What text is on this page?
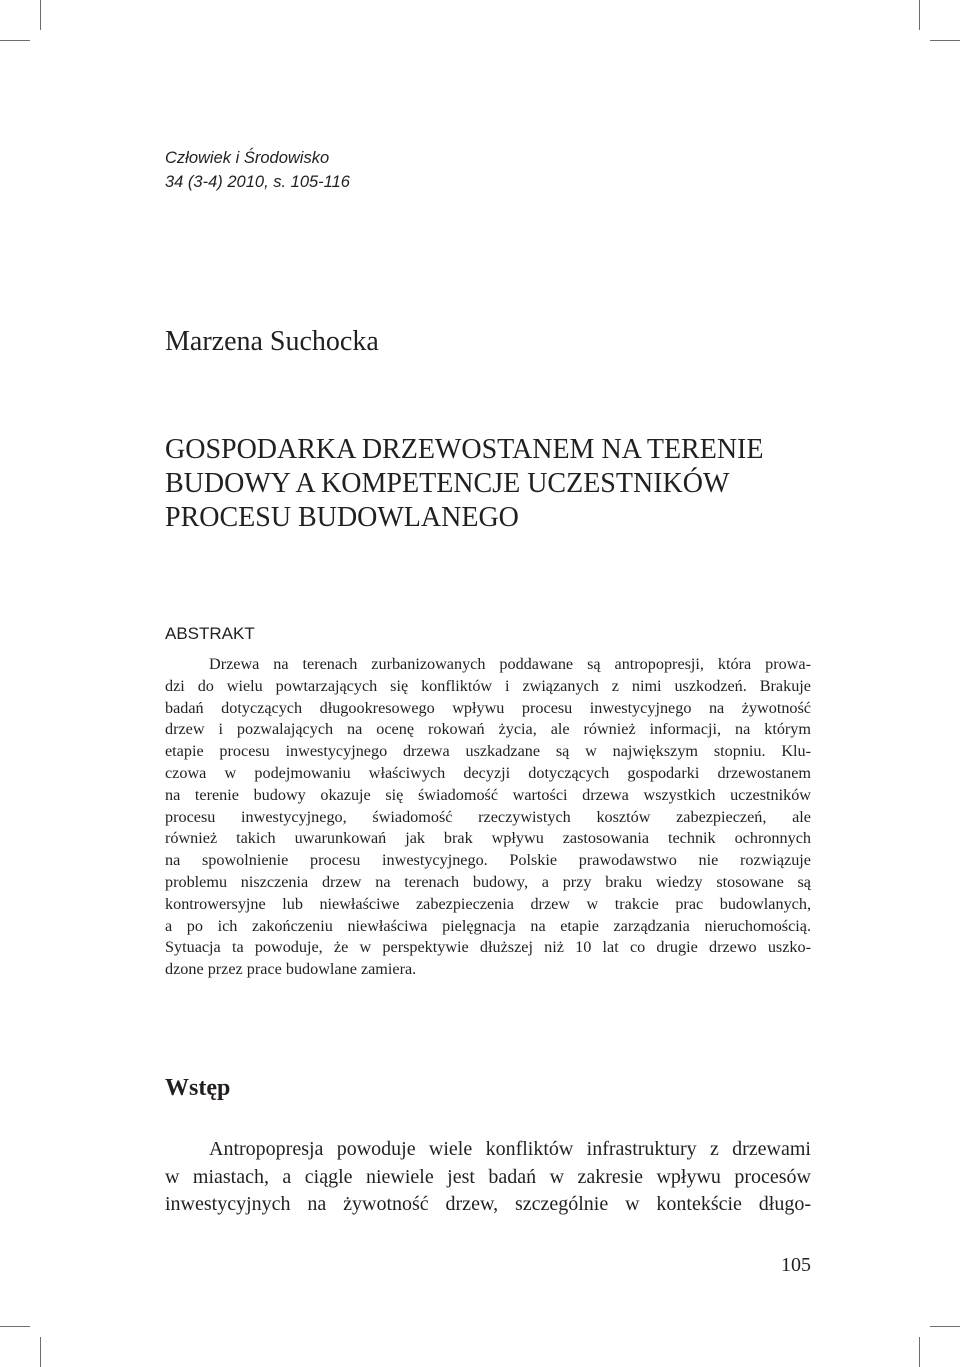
Człowiek i Środowisko
34 (3-4) 2010, s. 105-116
Marzena Suchocka
GOSPODARKA DRZEWOSTANEM NA TERENIE
BUDOWY A KOMPETENCJE UCZESTNIKÓW
PROCESU BUDOWLANEGO
ABSTRAKT
Drzewa na terenach zurbanizowanych poddawane są antropopresji, która prowa-
dzi do wielu powtarzających się konfliktów i związanych z nimi uszkodzeń. Brakuje
badań dotyczących długookresowego wpływu procesu inwestycyjnego na żywotność
drzew i pozwalających na ocenę rokowań życia, ale również informacji, na którym
etapie procesu inwestycyjnego drzewa uszkadzane są w największym stopniu. Klu-
czowa w podejmowaniu właściwych decyzji dotyczących gospodarki drzewostanem
na terenie budowy okazuje się świadomość wartości drzewa wszystkich uczestników
procesu inwestycyjnego, świadomość rzeczywistych kosztów zabezpieczeń, ale
również takich uwarunkowań jak brak wpływu zastosowania technik ochronnych
na spowolnienie procesu inwestycyjnego. Polskie prawodawstwo nie rozwiązuje
problemu niszczenia drzew na terenach budowy, a przy braku wiedzy stosowane są
kontrowersyjne lub niewłaściwe zabezpieczenia drzew w trakcie prac budowlanych,
a po ich zakończeniu niewłaściwa pielęgnacja na etapie zarządzania nieruchomością.
Sytuacja ta powoduje, że w perspektywie dłuższej niż 10 lat co drugie drzewo uszko-
dzone przez prace budowlane zamiera.
Wstęp
Antropopresja powoduje wiele konfliktów infrastruktury z drzewami
w miastach, a ciągle niewiele jest badań w zakresie wpływu procesów
inwestycyjnych na żywotność drzew, szczególnie w kontekście długo-
105
